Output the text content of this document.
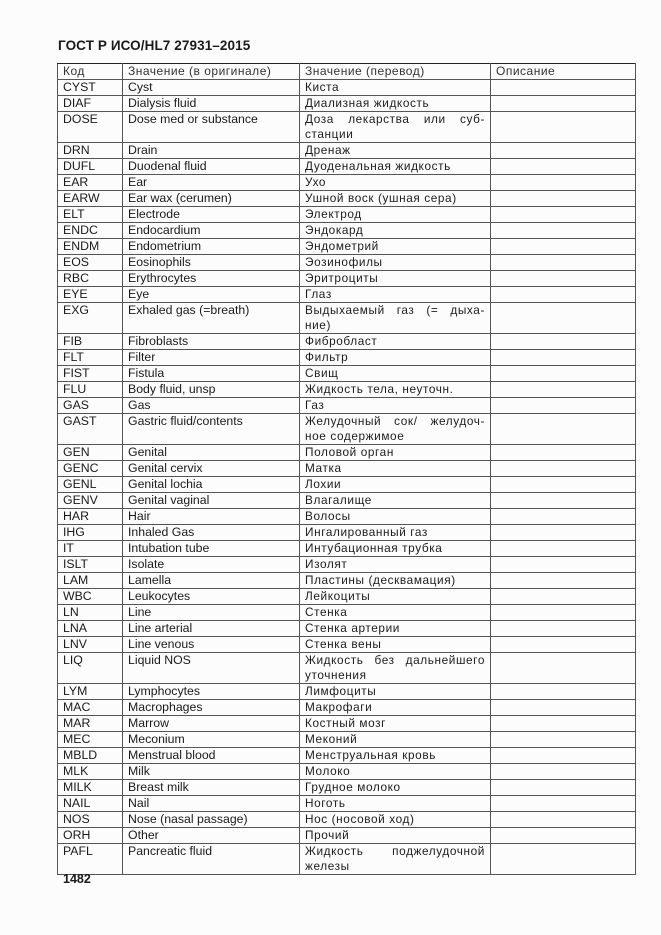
ГОСТ Р ИСО/HL7 27931–2015
Код	Значение (в оригинале)	Значение (перевод)	Описание
CYST	Cyst	Киста	
DIAF	Dialysis fluid	Диализная жидкость	
DOSE	Dose med or substance	Доза лекарства или суб-станции	
DRN	Drain	Дренаж	
DUFL	Duodenal fluid	Дуоденальная жидкость	
EAR	Ear	Ухо	
EARW	Ear wax (cerumen)	Ушной воск (ушная сера)	
ELT	Electrode	Электрод	
ENDC	Endocardium	Эндокард	
ENDM	Endometrium	Эндометрий	
EOS	Eosinophils	Эозинофилы	
RBC	Erythrocytes	Эритроциты	
EYE	Eye	Глаз	
EXG	Exhaled gas (=breath)	Выдыхаемый газ (= дыха-ние)	
FIB	Fibroblasts	Фибробласт	
FLT	Filter	Фильтр	
FIST	Fistula	Свищ	
FLU	Body fluid, unsp	Жидкость тела, неуточн.	
GAS	Gas	Газ	
GAST	Gastric fluid/contents	Желудочный сок/ желудоч-ное содержимое	
GEN	Genital	Половой орган	
GENC	Genital cervix	Матка	
GENL	Genital lochia	Лохии	
GENV	Genital vaginal	Влагалище	
HAR	Hair	Волосы	
IHG	Inhaled Gas	Ингалированный газ	
IT	Intubation tube	Интубационная трубка	
ISLT	Isolate	Изолят	
LAM	Lamella	Пластины (десквамация)	
WBC	Leukocytes	Лейкоциты	
LN	Line	Стенка	
LNA	Line arterial	Стенка артерии	
LNV	Line venous	Стенка вены	
LIQ	Liquid NOS	Жидкость без дальнейшего уточнения	
LYM	Lymphocytes	Лимфоциты	
MAC	Macrophages	Макрофаги	
MAR	Marrow	Костный мозг	
MEC	Meconium	Меконий	
MBLD	Menstrual blood	Менструальная кровь	
MLK	Milk	Молоко	
MILK	Breast milk	Грудное молоко	
NAIL	Nail	Ноготь	
NOS	Nose (nasal passage)	Нос (носовой ход)	
ORH	Other	Прочий	
PAFL	Pancreatic fluid	Жидкость поджелудочной железы	
1482
